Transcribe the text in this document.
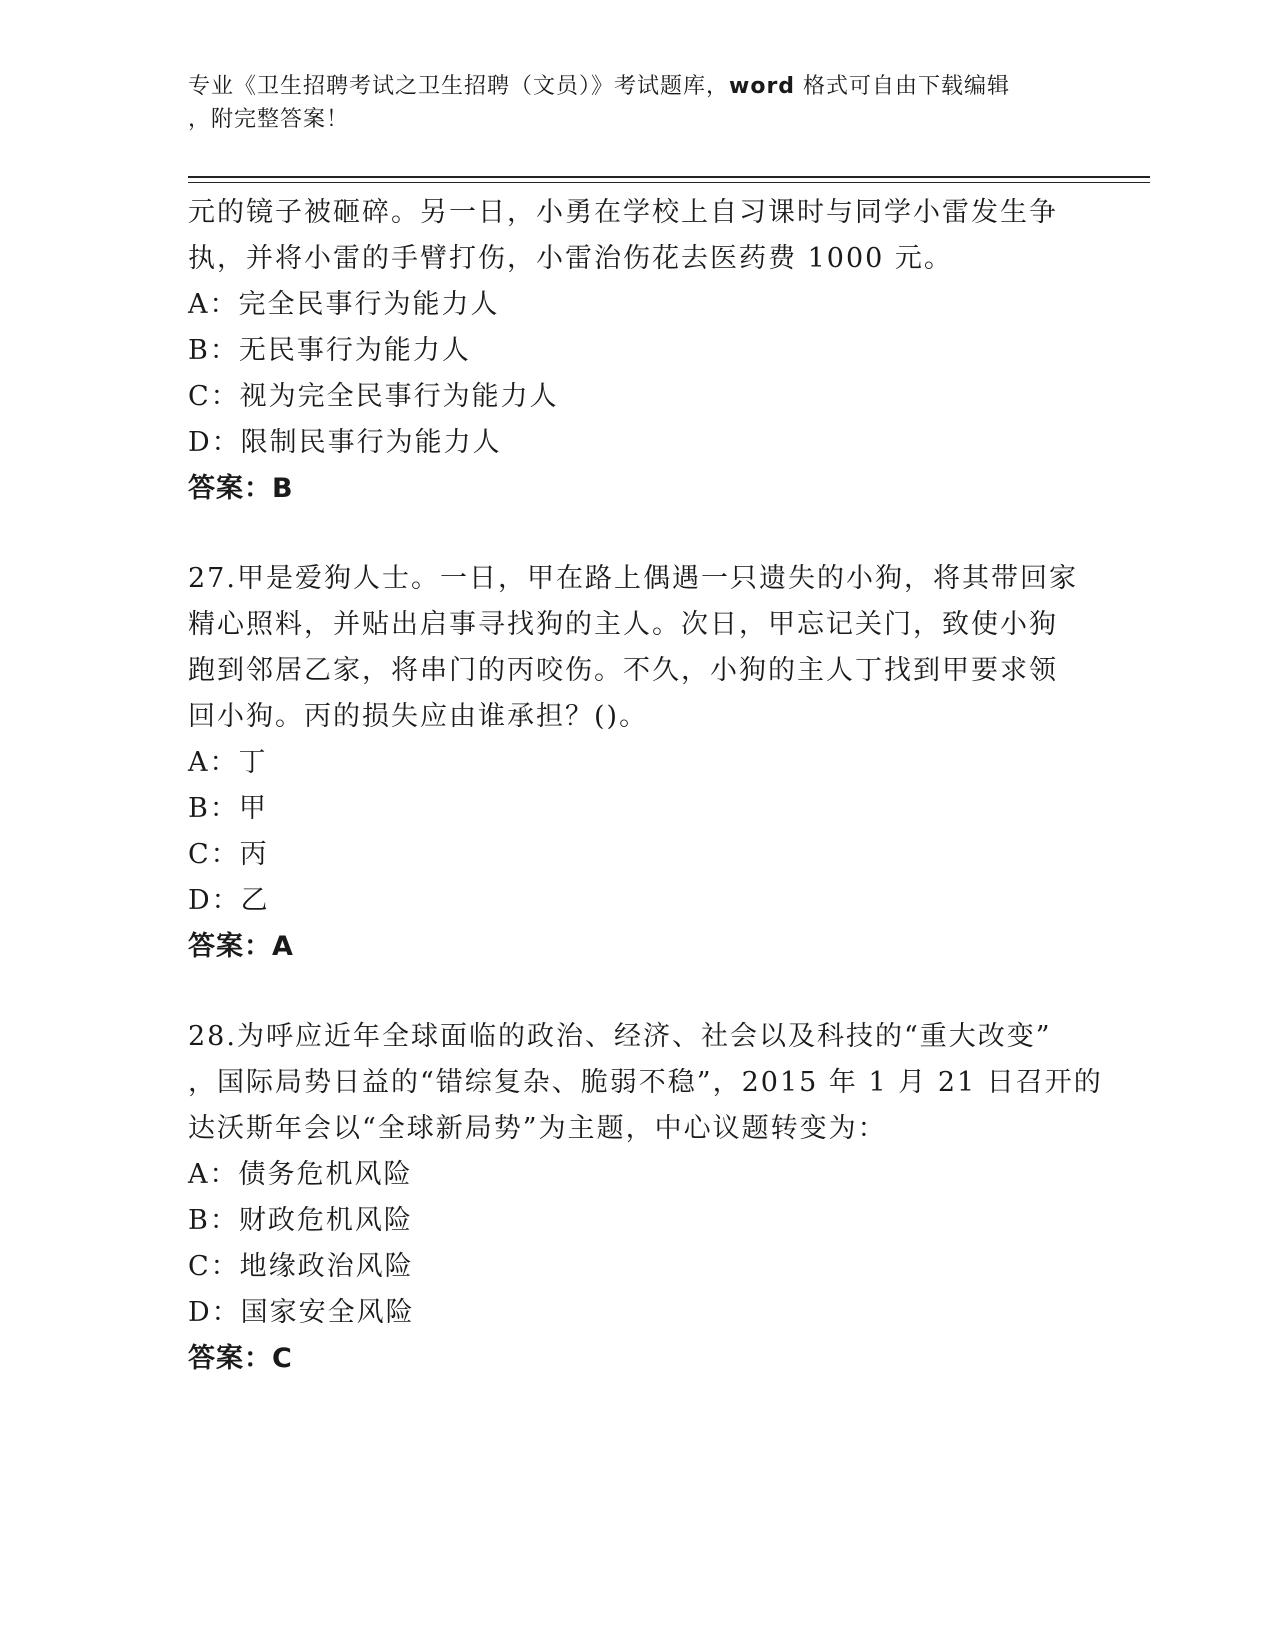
专业《卫生招聘考试之卫生招聘（文员）》考试题库，word 格式可自由下载编辑
，附完整答案！
元的镜子被砸碎。另一日，小勇在学校上自习课时与同学小雷发生争
执，并将小雷的手臂打伤，小雷治伤花去医药费 1000 元。
A：完全民事行为能力人
B：无民事行为能力人
C：视为完全民事行为能力人
D：限制民事行为能力人
答案：B
27.甲是爱狗人士。一日，甲在路上偶遇一只遗失的小狗，将其带回家
精心照料，并贴出启事寻找狗的主人。次日，甲忘记关门，致使小狗
跑到邻居乙家，将串门的丙咬伤。不久，小狗的主人丁找到甲要求领
回小狗。丙的损失应由谁承担？()。
A：丁
B：甲
C：丙
D：乙
答案：A
28.为呼应近年全球面临的政治、经济、社会以及科技的“重大改变”
，国际局势日益的“错综复杂、脆弱不稳”，2015 年 1 月 21 日召开的
达沃斯年会以“全球新局势”为主题，中心议题转变为：
A：债务危机风险
B：财政危机风险
C：地缘政治风险
D：国家安全风险
答案：C
